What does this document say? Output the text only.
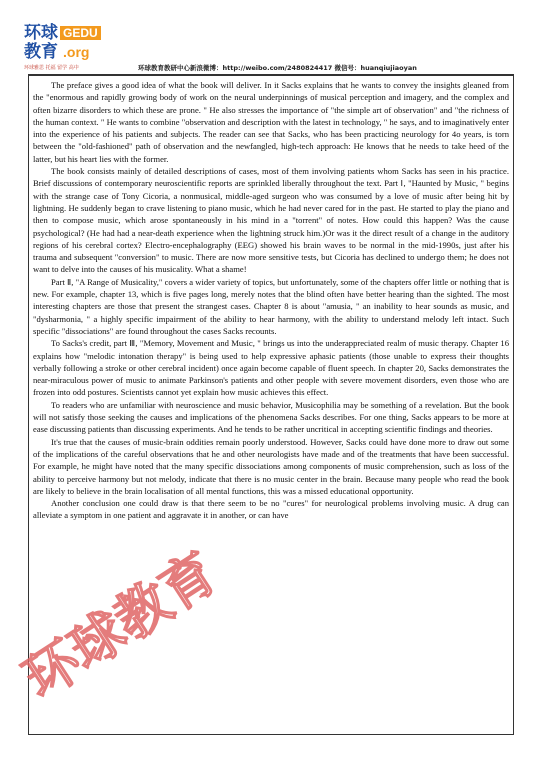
环球
教育
GEDU
.org
环球雅思 托福 留学 高中	环球教育教研中心新浪微博：http://weibo.com/2480824417 微信号：huanqiujiaoyan

The preface gives a good idea of what the book will deliver. In it Sacks explains that he wants to convey the insights gleaned from the "enormous and rapidly growing body of work on the neural underpinnings of musical perception and imagery, and the complex and often bizarre disorders to which these are prone. " He also stresses the importance of "the simple art of observation" and "the richness of the human context. " He wants to combine "observation and description with the latest in technology, " he says, and to imaginatively enter into the experience of his patients and subjects. The reader can see that Sacks, who has been practicing neurology for 4o years, is torn between the "old-fashioned" path of observation and the newfangled, high-tech approach: He knows that he needs to take heed of the latter, but his heart lies with the former.

The book consists mainly of detailed descriptions of cases, most of them involving patients whom Sacks has seen in his practice. Brief discussions of contemporary neuroscientific reports are sprinkled liberally throughout the text. Part Ⅰ, "Haunted by Music, " begins with the strange case of Tony Cicoria, a nonmusical, middle-aged surgeon who was consumed by a love of music after being hit by lightning. He suddenly began to crave listening to piano music, which he had never cared for in the past. He started to play the piano and then to compose music, which arose spontaneously in his mind in a "torrent" of notes. How could this happen? Was the cause psychological? (He had had a near-death experience when the lightning struck him.)Or was it the direct result of a change in the auditory regions of his cerebral cortex? Electro-encephalography (EEG) showed his brain waves to be normal in the mid-1990s, just after his trauma and subsequent "conversion" to music. There are now more sensitive tests, but Cicoria has declined to undergo them; he does not want to delve into the causes of his musicality. What a shame!

Part Ⅱ, "A Range of Musicality," covers a wider variety of topics, but unfortunately, some of the chapters offer little or nothing that is new. For example, chapter 13, which is five pages long, merely notes that the blind often have better hearing than the sighted. The most interesting chapters are those that present the strangest cases. Chapter 8 is about "amusia, " an inability to hear sounds as music, and "dysharmonia, " a highly specific impairment of the ability to hear harmony, with the ability to understand melody left intact. Such specific "dissociations" are found throughout the cases Sacks recounts.

To Sacks's credit, part Ⅲ, "Memory, Movement and Music, " brings us into the underappreciated realm of music therapy. Chapter 16 explains how "melodic intonation therapy" is being used to help expressive aphasic patients (those unable to express their thoughts verbally following a stroke or other cerebral incident) once again become capable of fluent speech. In chapter 20, Sacks demonstrates the near-miraculous power of music to animate Parkinson's patients and other people with severe movement disorders, even those who are frozen into odd postures. Scientists cannot yet explain how music achieves this effect.

To readers who are unfamiliar with neuroscience and music behavior, Musicophilia may be something of a revelation. But the book will not satisfy those seeking the causes and implications of the phenomena Sacks describes. For one thing, Sacks appears to be more at ease discussing patients than discussing experiments. And he tends to be rather uncritical in accepting scientific findings and theories.

It's true that the causes of music-brain oddities remain poorly understood. However, Sacks could have done more to draw out some of the implications of the careful observations that he and other neurologists have made and of the treatments that have been successful. For example, he might have noted that the many specific dissociations among components of music comprehension, such as loss of the ability to perceive harmony but not melody, indicate that there is no music center in the brain. Because many people who read the book are likely to believe in the brain localisation of all mental functions, this was a missed educational opportunity.

Another conclusion one could draw is that there seem to be no "cures" for neurological problems involving music. A drug can alleviate a symptom in one patient and aggravate it in another, or can have

环球教育
